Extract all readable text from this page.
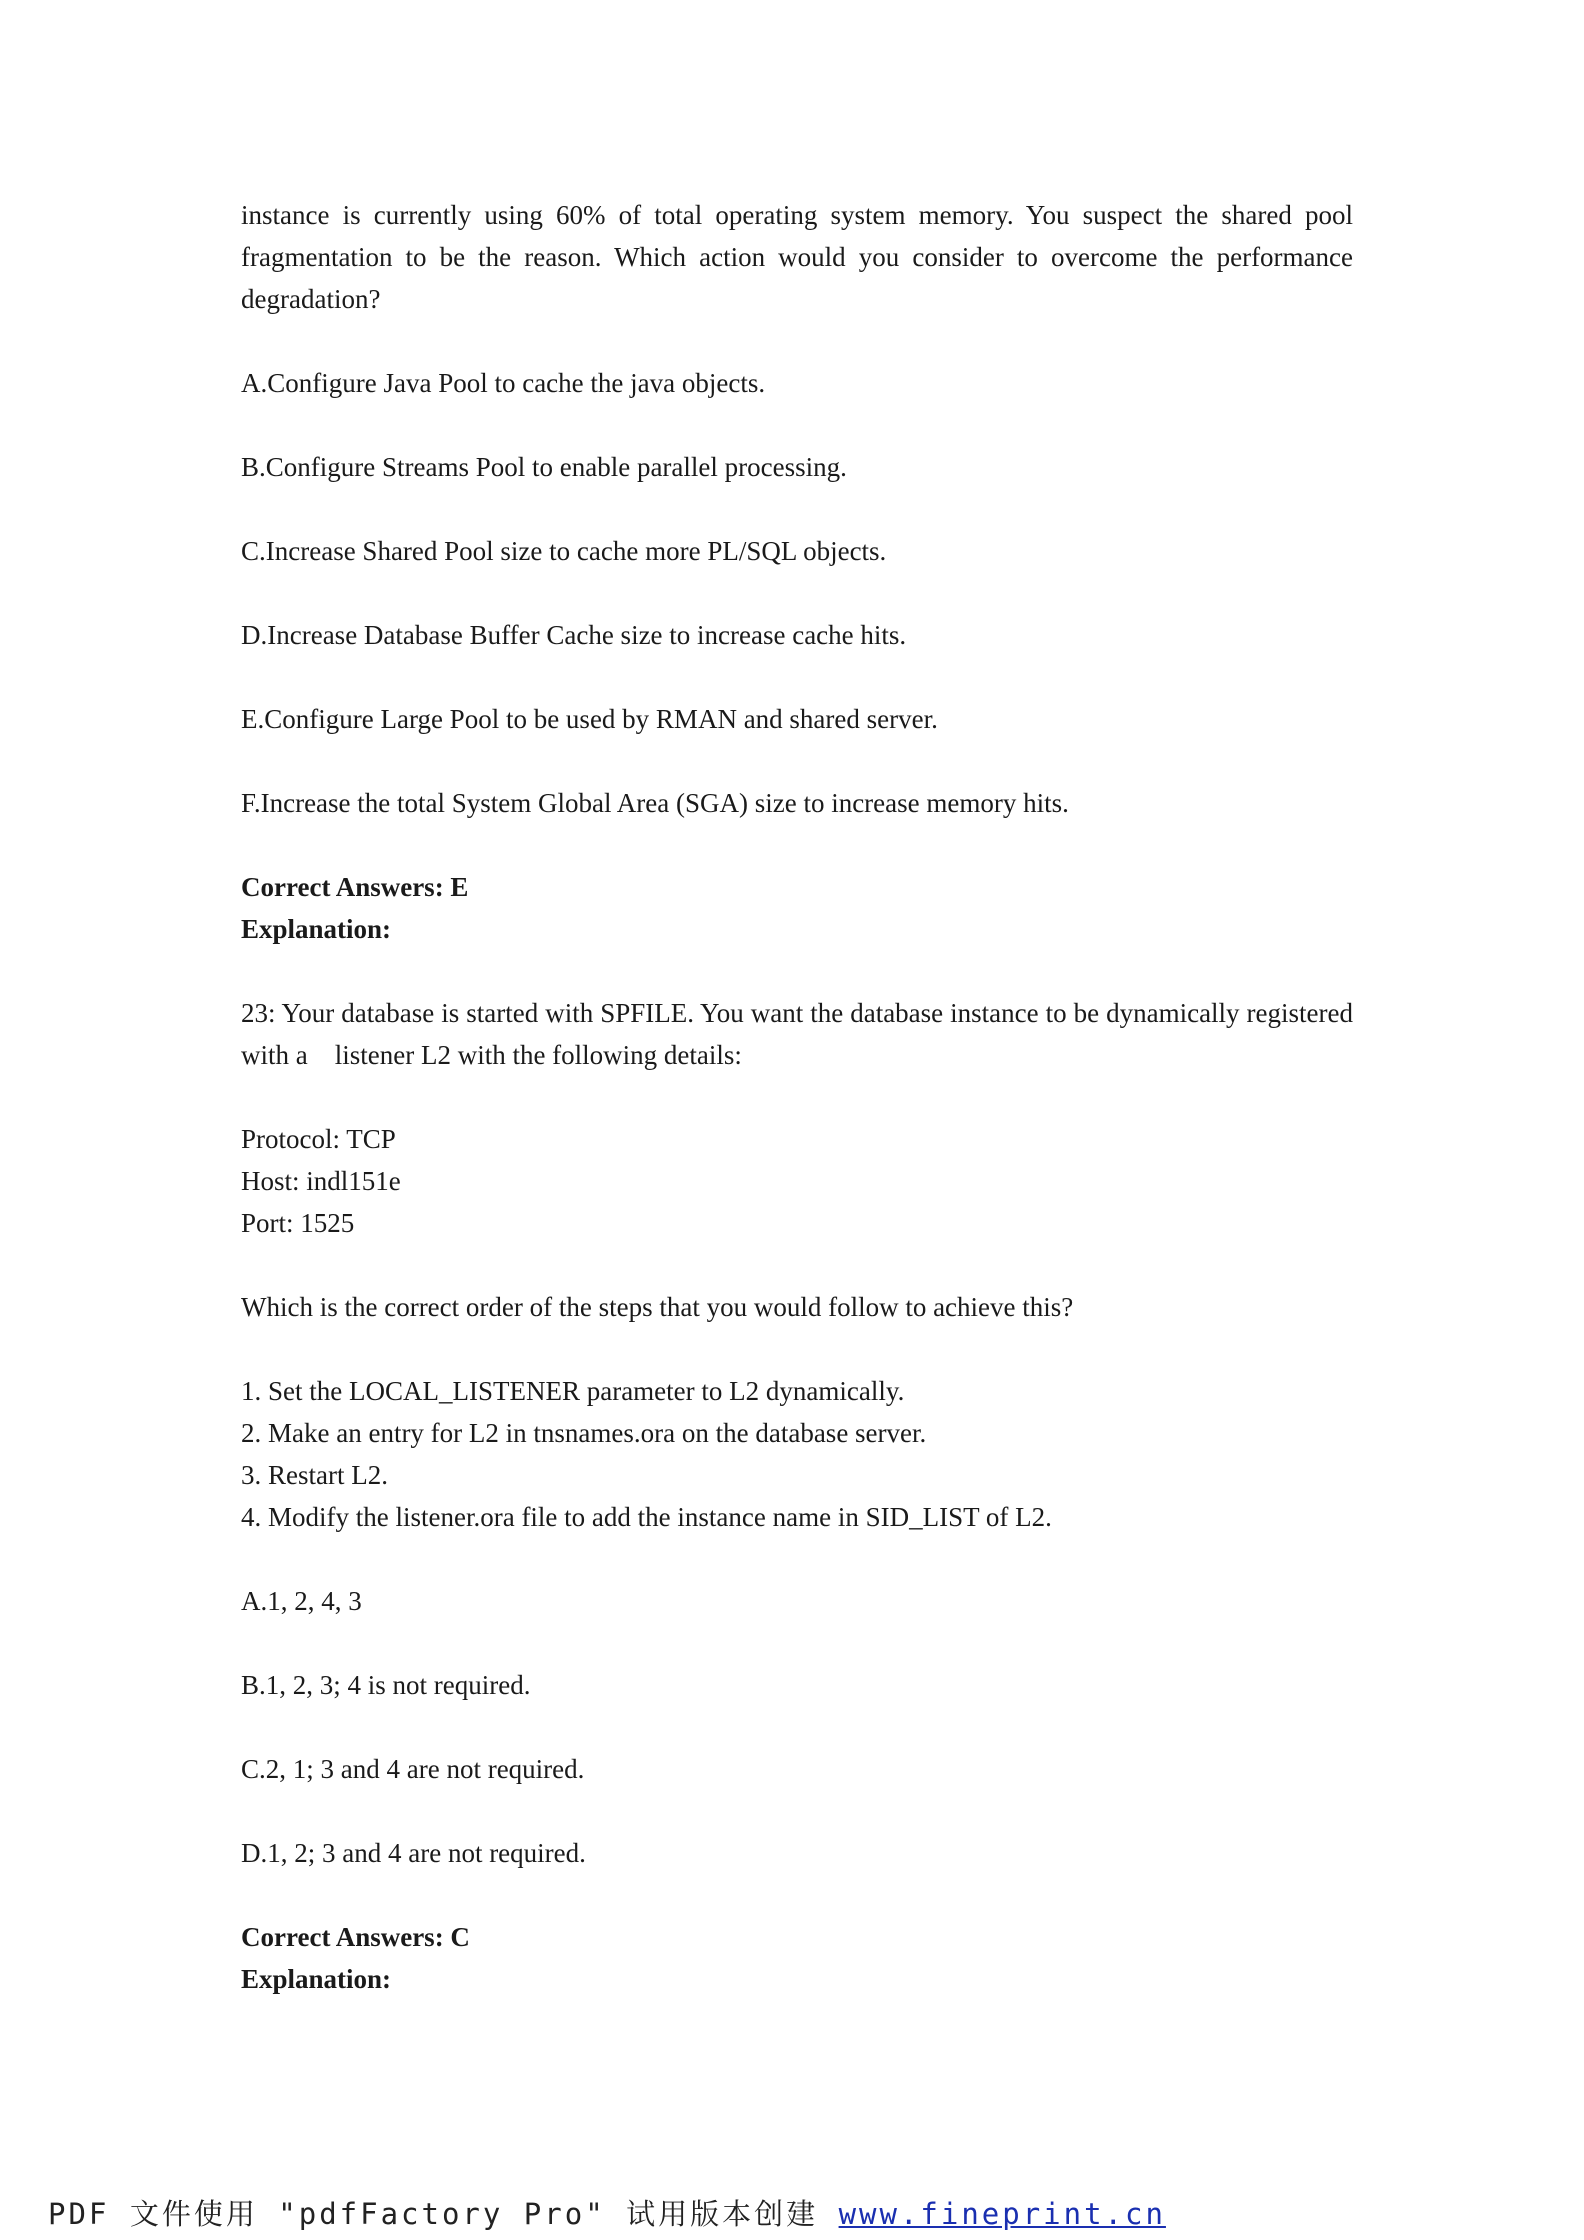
instance is currently using 60% of total operating system memory. You suspect the shared pool fragmentation to be the reason. Which action would you consider to overcome the performance degradation?

A.Configure Java Pool to cache the java objects.

B.Configure Streams Pool to enable parallel processing.

C.Increase Shared Pool size to cache more PL/SQL objects.

D.Increase Database Buffer Cache size to increase cache hits.

E.Configure Large Pool to be used by RMAN and shared server.

F.Increase the total System Global Area (SGA) size to increase memory hits.

Correct Answers: E

Explanation:

23: Your database is started with SPFILE. You want the database instance to be dynamically registered with a    listener L2 with the following details:

Protocol: TCP

Host: indl151e

Port: 1525

Which is the correct order of the steps that you would follow to achieve this?

1. Set the LOCAL_LISTENER parameter to L2 dynamically.

2. Make an entry for L2 in tnsnames.ora on the database server.

3. Restart L2.

4. Modify the listener.ora file to add the instance name in SID_LIST of L2.

A.1, 2, 4, 3

B.1, 2, 3; 4 is not required.

C.2, 1; 3 and 4 are not required.

D.1, 2; 3 and 4 are not required.

Correct Answers: C

Explanation:

PDF 文件使用 "pdfFactory Pro" 试用版本创建 www.fineprint.cn
